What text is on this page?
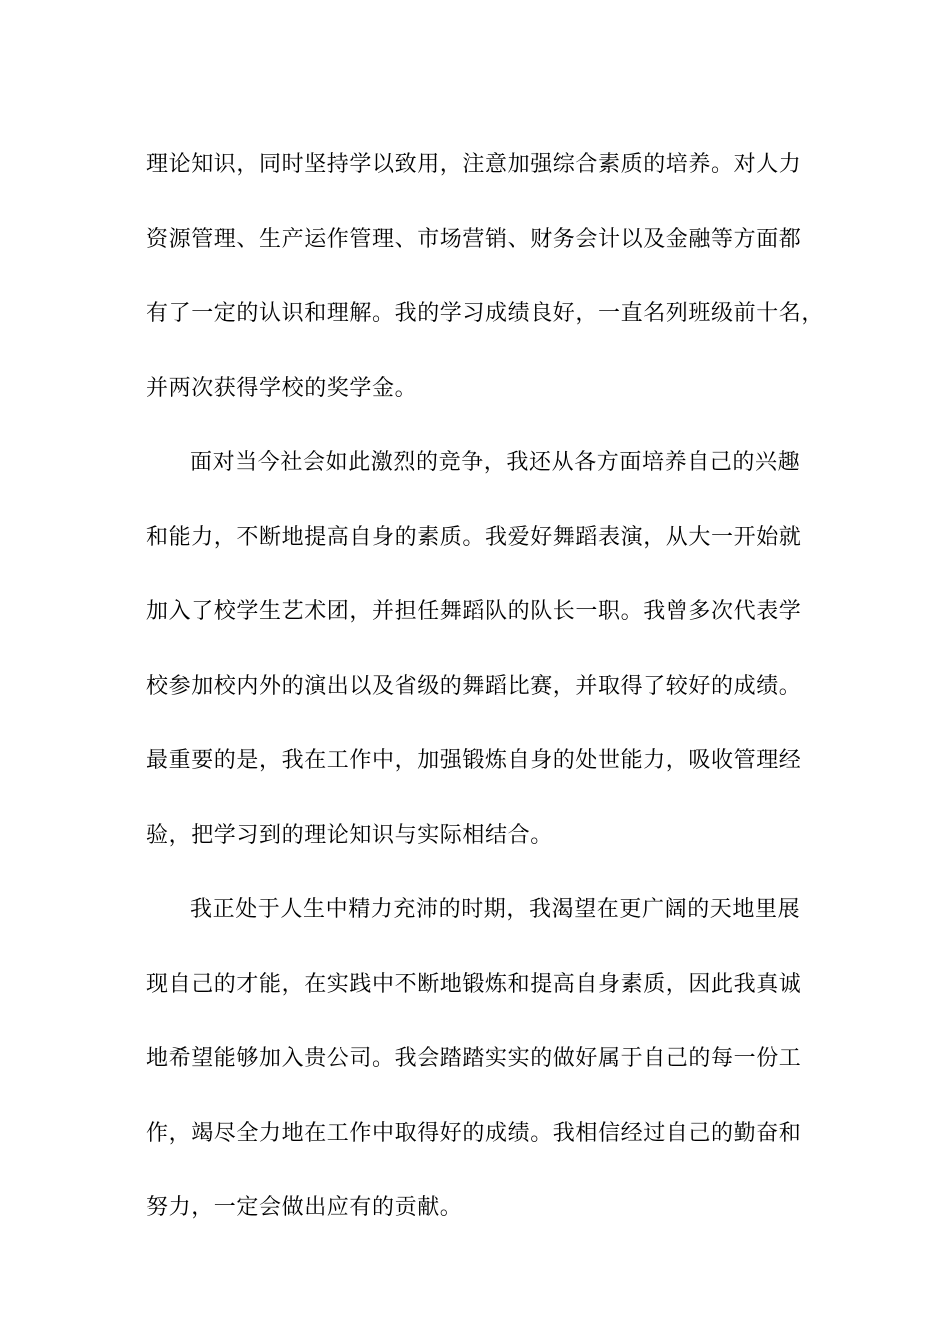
理论知识，同时坚持学以致用，注意加强综合素质的培养。对人力
资源管理、生产运作管理、市场营销、财务会计以及金融等方面都
有了一定的认识和理解。我的学习成绩良好，一直名列班级前十名，
并两次获得学校的奖学金。
面对当今社会如此激烈的竞争，我还从各方面培养自己的兴趣
和能力，不断地提高自身的素质。我爱好舞蹈表演，从大一开始就
加入了校学生艺术团，并担任舞蹈队的队长一职。我曾多次代表学
校参加校内外的演出以及省级的舞蹈比赛，并取得了较好的成绩。
最重要的是，我在工作中，加强锻炼自身的处世能力，吸收管理经
验，把学习到的理论知识与实际相结合。
我正处于人生中精力充沛的时期，我渴望在更广阔的天地里展
现自己的才能，在实践中不断地锻炼和提高自身素质，因此我真诚
地希望能够加入贵公司。我会踏踏实实的做好属于自己的每一份工
作，竭尽全力地在工作中取得好的成绩。我相信经过自己的勤奋和
努力，一定会做出应有的贡献。
